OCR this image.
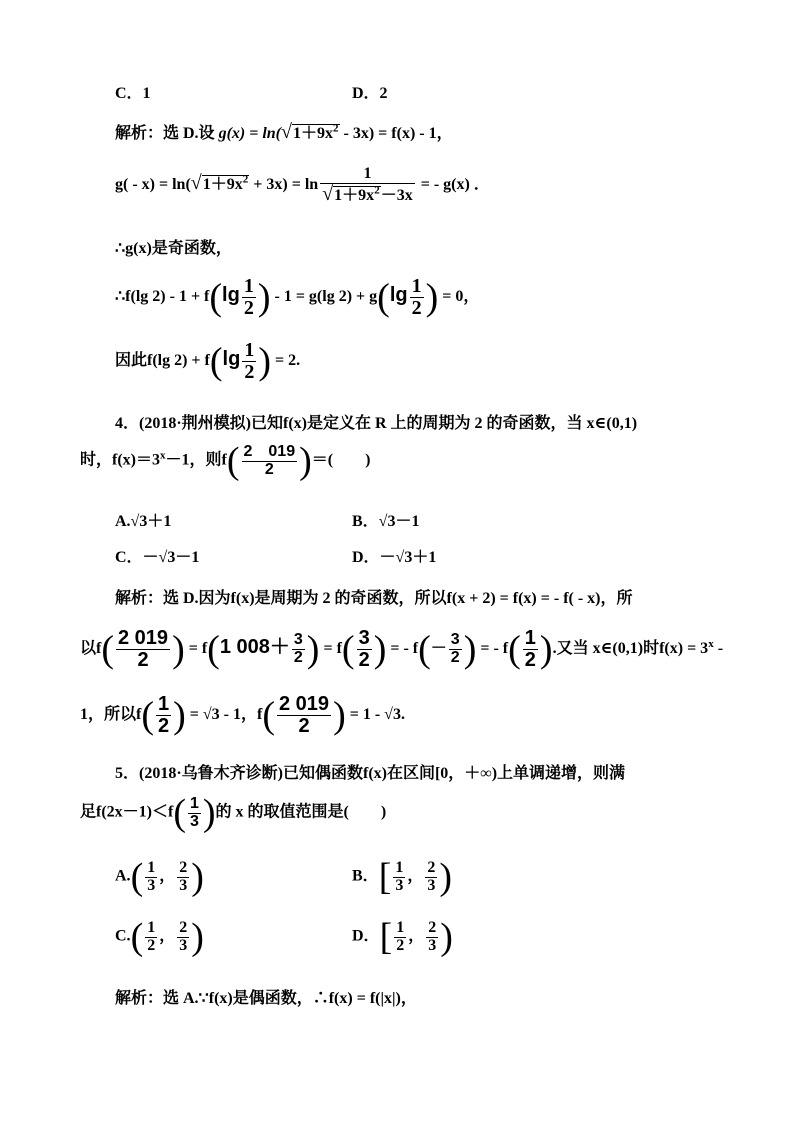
C．1	D．2
解析：选 D.设 $g(x) = \ln(√1+9x^2 - 3x) = f(x) - 1$，
$g( - x) = \ln(√1+9x^2 + 3x) = \ln \frac{1}{√1+9x^2-3x}$ = - g(x) ．
∴g(x)是奇函数，
∴f(lg $2) - 1 + f(\lg \frac{1}{2}$ ) - 1 = g(lg $2) + g(\lg \frac{1}{2}$ ) = 0，
因此f(lg $2) + f(\lg \frac{1}{2}$ ) = 2.
4．(2018·荆州模拟)已知f(x)是定义在 R 上的周期为 2 的奇函数，当 x∈(0,1)
时，$f(x)=3^x-1$，则$f( \frac{2 019}{2}$ )＝(　　)
A.√3＋1	B．√3－1
C．－√3－1	D．－√3＋1
解析：选 D.因为f(x)是周期为 2 的奇函数，所以f(x + 2) = f(x) = - f( - x)，所
以$f( \frac{2 019}{2}$ ) = f(1 $008+ \frac{3}{2}$ ) = $f( \frac{3}{2}$ ) = - $f(- \frac{3}{2}$ ) = - $f( \frac{1}{2}$ ).又当 x∈(0,1)时$f(x) = 3^x$ -
1，所以$f( \frac{1}{2}$ ) = √3 - 1，$f( \frac{2 019}{2}$ ) = 1 - √3.
5．(2018·乌鲁木齐诊断)已知偶函数f(x)在区间[0，＋∞)上单调递增，则满
足$f(2x-1)<f( \frac{1}{3}$ )的 x 的取值范围是(　　)
$A.( \frac{1}{3}$ ， $\frac{2}{3}$ )	B．[ $\frac{1}{3}$ ， $\frac{2}{3}$ )
$C.( \frac{1}{2}$ ， $\frac{2}{3}$ )	D．[ $\frac{1}{2}$ ， $\frac{2}{3}$ )
解析：选 A.∵f(x)是偶函数，∴f(x) = f(|x|)，
